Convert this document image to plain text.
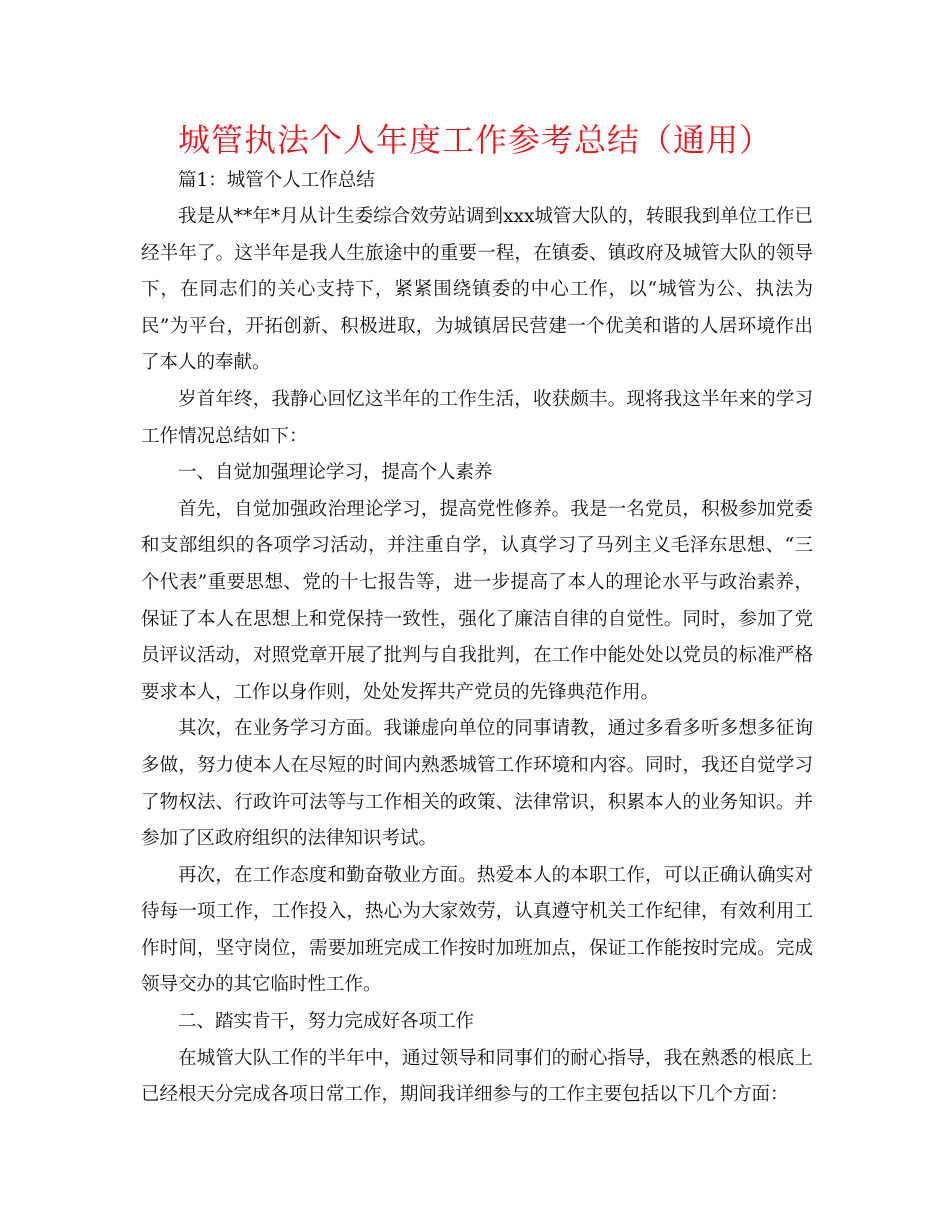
城管执法个人年度工作参考总结（通用）

篇1：城管个人工作总结

我是从**年*月从计生委综合效劳站调到xxx城管大队的，转眼我到单位工作已经半年了。这半年是我人生旅途中的重要一程，在镇委、镇政府及城管大队的领导下，在同志们的关心支持下，紧紧围绕镇委的中心工作，以“城管为公、执法为民”为平台，开拓创新、积极进取，为城镇居民营建一个优美和谐的人居环境作出了本人的奉献。

岁首年终，我静心回忆这半年的工作生活，收获颇丰。现将我这半年来的学习工作情况总结如下：

一、自觉加强理论学习，提高个人素养

首先，自觉加强政治理论学习，提高党性修养。我是一名党员，积极参加党委和支部组织的各项学习活动，并注重自学，认真学习了马列主义毛泽东思想、“三个代表”重要思想、党的十七报告等，进一步提高了本人的理论水平与政治素养，保证了本人在思想上和党保持一致性，强化了廉洁自律的自觉性。同时，参加了党员评议活动，对照党章开展了批判与自我批判，在工作中能处处以党员的标准严格要求本人，工作以身作则，处处发挥共产党员的先锋典范作用。

其次，在业务学习方面。我谦虚向单位的同事请教，通过多看多听多想多征询多做，努力使本人在尽短的时间内熟悉城管工作环境和内容。同时，我还自觉学习了物权法、行政许可法等与工作相关的政策、法律常识，积累本人的业务知识。并参加了区政府组织的法律知识考试。

再次，在工作态度和勤奋敬业方面。热爱本人的本职工作，可以正确认确实对待每一项工作，工作投入，热心为大家效劳，认真遵守机关工作纪律，有效利用工作时间，坚守岗位，需要加班完成工作按时加班加点，保证工作能按时完成。完成领导交办的其它临时性工作。

二、踏实肯干，努力完成好各项工作

在城管大队工作的半年中，通过领导和同事们的耐心指导，我在熟悉的根底上已经根天分完成各项日常工作，期间我详细参与的工作主要包括以下几个方面：
